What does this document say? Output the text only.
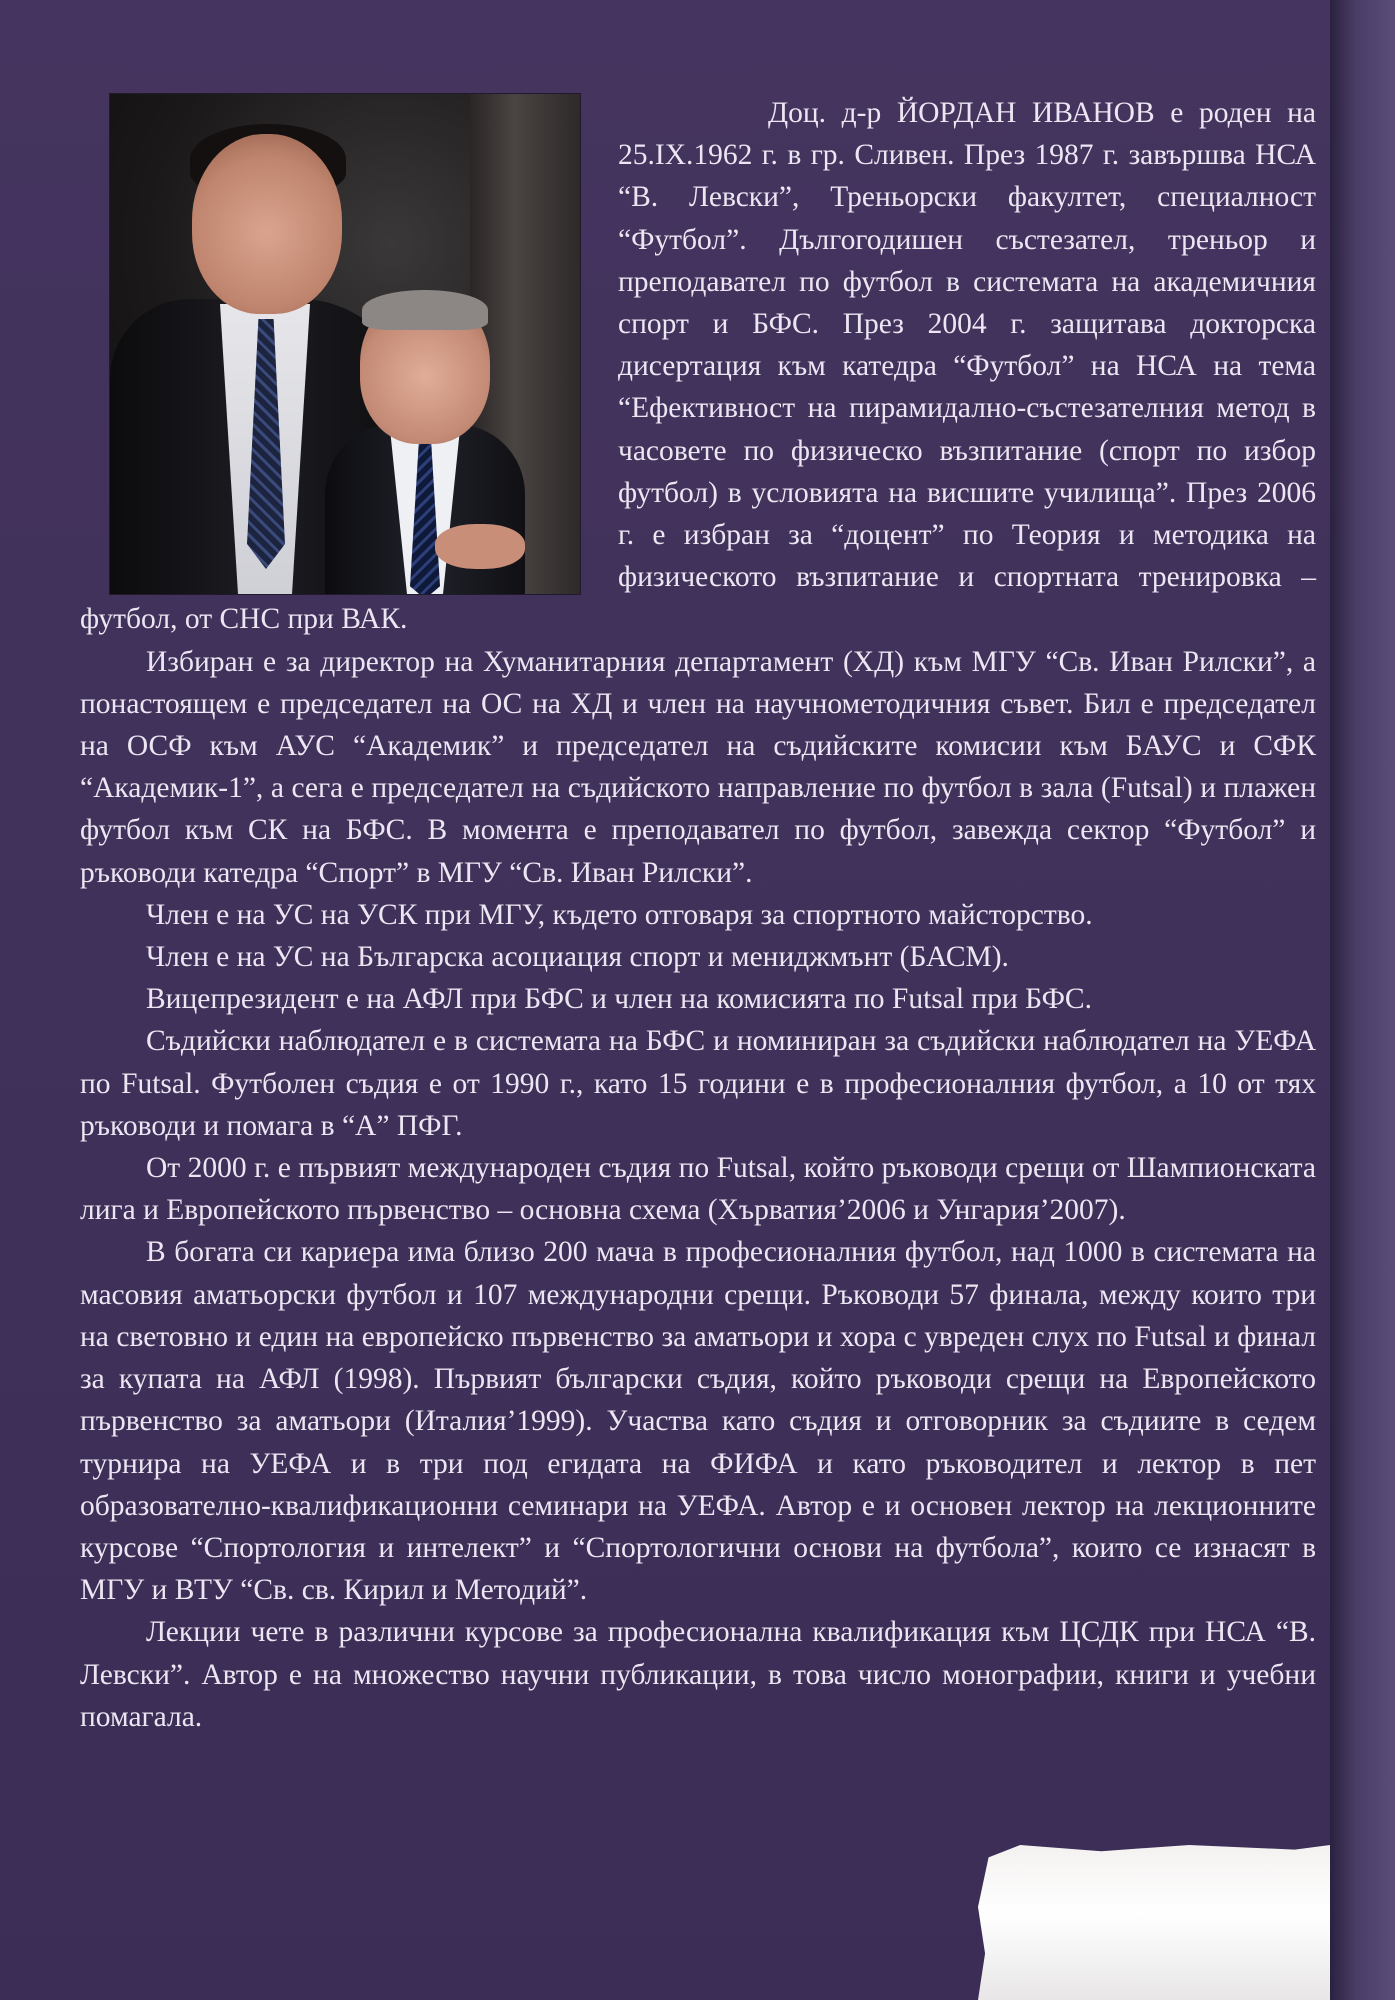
Доц. д-р ЙОРДАН ИВАНОВ е роден на 25.IX.1962 г. в гр. Сливен. През 1987 г. завършва НСА “В. Левски”, Треньорски факултет, специалност “Футбол”. Дългогодишен състезател, треньор и преподавател по футбол в системата на академичния спорт и БФС. През 2004 г. защитава докторска дисертация към катедра “Футбол” на НСА на тема “Ефективност на пирамидално-състезателния метод в часовете по физическо възпитание (спорт по избор футбол) в условията на висшите училища”. През 2006 г. е избран за “доцент” по Теория и методика на физическото възпитание и спортната тренировка – футбол, от СНС при ВАК.

Избиран е за директор на Хуманитарния департамент (ХД) към МГУ “Св. Иван Рилски”, а понастоящем е председател на ОС на ХД и член на научнометодичния съвет. Бил е председател на ОСФ към АУС “Академик” и председател на съдийските комисии към БАУС и СФК “Академик-1”, а сега е председател на съдийското направление по футбол в зала (Futsal) и плажен футбол към СК на БФС. В момента е преподавател по футбол, завежда сектор “Футбол” и ръководи катедра “Спорт” в МГУ “Св. Иван Рилски”.

Член е на УС на УСК при МГУ, където отговаря за спортното майсторство.

Член е на УС на Българска асоциация спорт и мениджмънт (БАСМ).

Вицепрезидент е на АФЛ при БФС и член на комисията по Futsal при БФС.

Съдийски наблюдател е в системата на БФС и номиниран за съдийски наблюдател на УЕФА по Futsal. Футболен съдия е от 1990 г., като 15 години е в професионалния футбол, а 10 от тях ръководи и помага в “А” ПФГ.

От 2000 г. е първият международен съдия по Futsal, който ръководи срещи от Шампионската лига и Европейското първенство – основна схема (Хърватия’2006 и Унгария’2007).

В богата си кариера има близо 200 мача в професионалния футбол, над 1000 в системата на масовия аматьорски футбол и 107 международни срещи. Ръководи 57 финала, между които три на световно и един на европейско първенство за аматьори и хора с увреден слух по Futsal и финал за купата на АФЛ (1998). Първият български съдия, който ръководи срещи на Европейското първенство за аматьори (Италия’1999). Участва като съдия и отговорник за съдиите в седем турнира на УЕФА и в три под егидата на ФИФА и като ръководител и лектор в пет образователно-квалификационни семинари на УЕФА. Автор е и основен лектор на лекционните курсове “Спортология и интелект” и “Спортологични основи на футбола”, които се изнасят в МГУ и ВТУ “Св. св. Кирил и Методий”.

Лекции чете в различни курсове за професионална квалификация към ЦСДК при НСА “В. Левски”. Автор е на множество научни публикации, в това число монографии, книги и учебни помагала.
